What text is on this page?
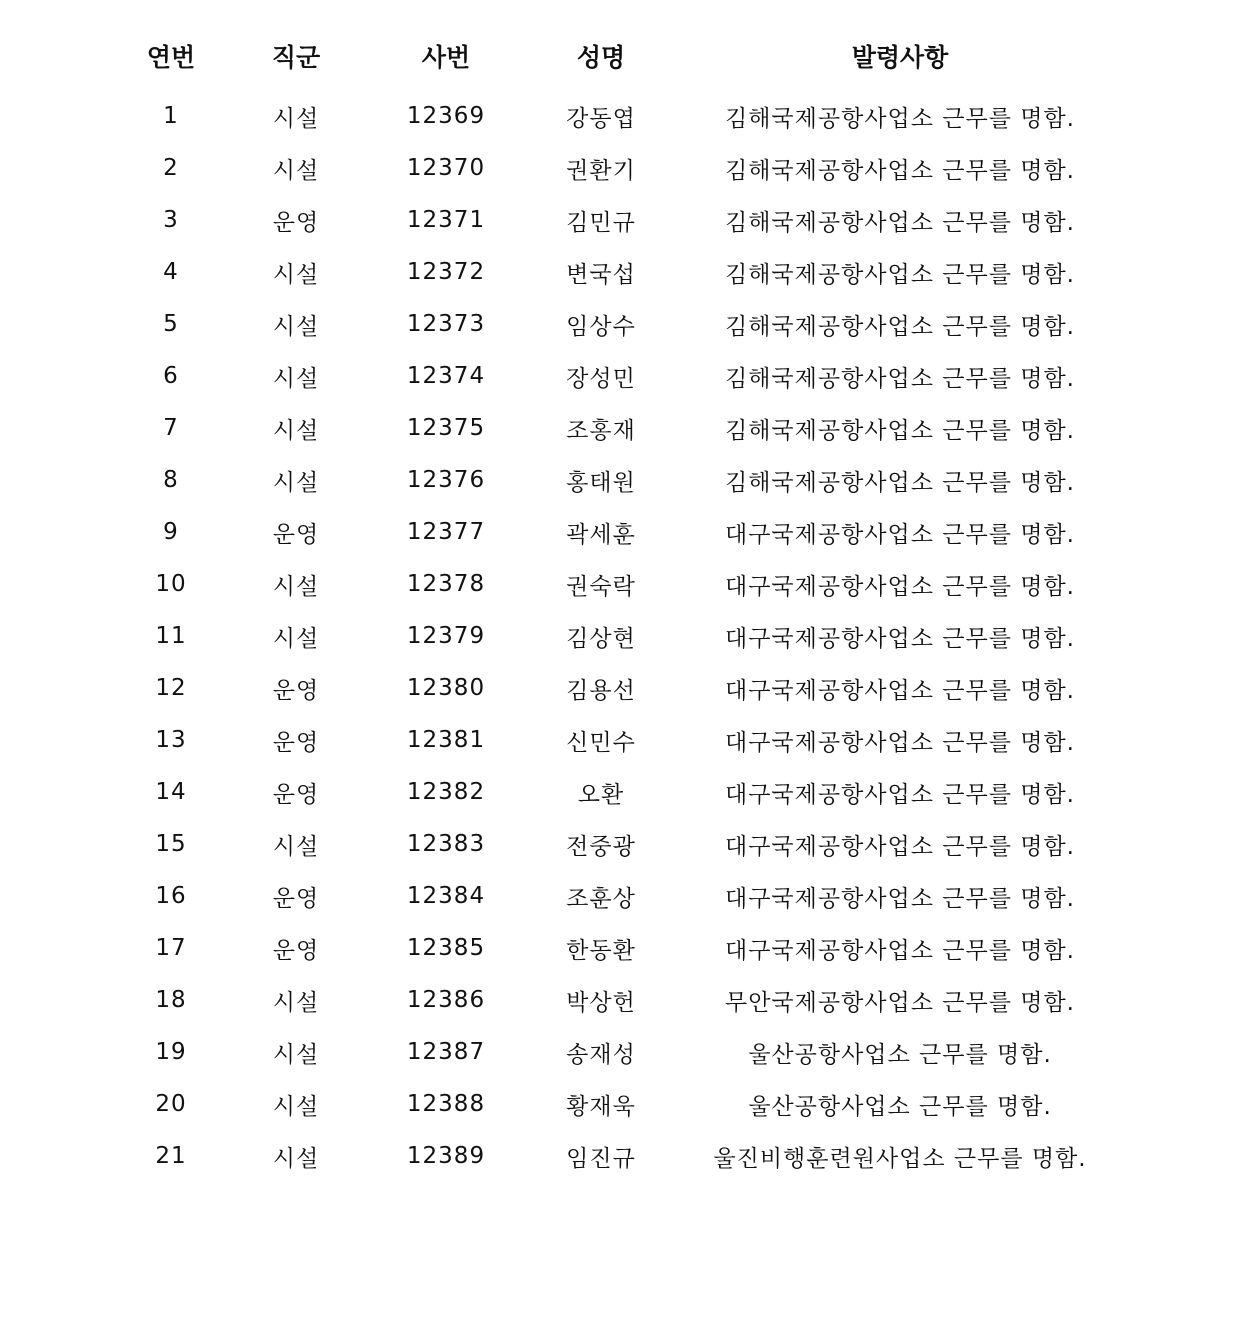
연번	직군	사번	성명	발령사항

1	시설	12369	강동엽	김해국제공항사업소 근무를 명함.
2	시설	12370	권환기	김해국제공항사업소 근무를 명함.
3	운영	12371	김민규	김해국제공항사업소 근무를 명함.
4	시설	12372	변국섭	김해국제공항사업소 근무를 명함.
5	시설	12373	임상수	김해국제공항사업소 근무를 명함.
6	시설	12374	장성민	김해국제공항사업소 근무를 명함.
7	시설	12375	조홍재	김해국제공항사업소 근무를 명함.
8	시설	12376	홍태원	김해국제공항사업소 근무를 명함.
9	운영	12377	곽세훈	대구국제공항사업소 근무를 명함.
10	시설	12378	권숙락	대구국제공항사업소 근무를 명함.
11	시설	12379	김상현	대구국제공항사업소 근무를 명함.
12	운영	12380	김용선	대구국제공항사업소 근무를 명함.
13	운영	12381	신민수	대구국제공항사업소 근무를 명함.
14	운영	12382	오환	대구국제공항사업소 근무를 명함.
15	시설	12383	전중광	대구국제공항사업소 근무를 명함.
16	운영	12384	조훈상	대구국제공항사업소 근무를 명함.
17	운영	12385	한동환	대구국제공항사업소 근무를 명함.
18	시설	12386	박상헌	무안국제공항사업소 근무를 명함.
19	시설	12387	송재성	울산공항사업소 근무를 명함.
20	시설	12388	황재욱	울산공항사업소 근무를 명함.
21	시설	12389	임진규	울진비행훈련원사업소 근무를 명함.
